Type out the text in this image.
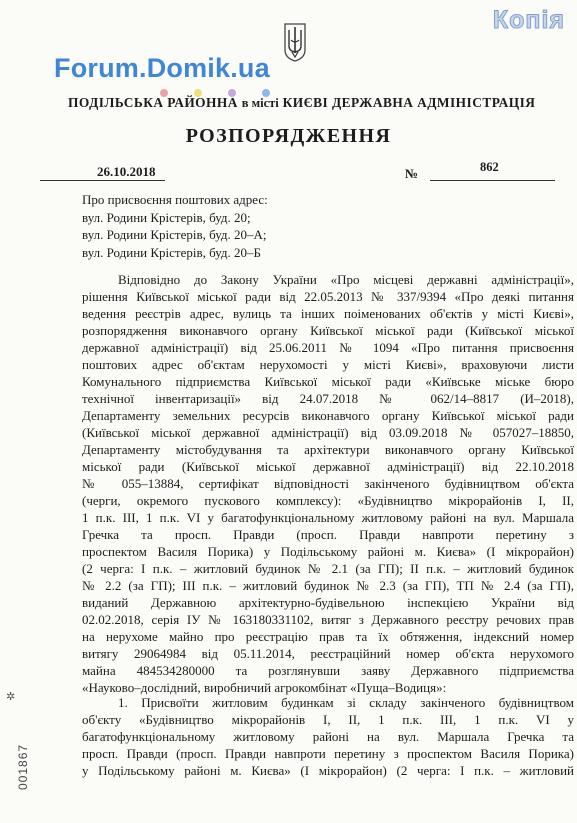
Копія
Forum.Domik.ua
ПОДІЛЬСЬКА РАЙОННА в місті КИЄВІ ДЕРЖАВНА АДМІНІСТРАЦІЯ
РОЗПОРЯДЖЕННЯ
26.10.2018	№	862
Про присвоєння поштових адрес:
вул. Родини Крістерів, буд. 20;
вул. Родини Крістерів, буд. 20–А;
вул. Родини Крістерів, буд. 20–Б
Відповідно до Закону України «Про місцеві державні адміністрації»,
рішення Київської міської ради від 22.05.2013 № 337/9394 «Про деякі питання
ведення реєстрів адрес, вулиць та інших поіменованих об'єктів у місті Києві»,
розпорядження виконавчого органу Київської міської ради (Київської міської
державної адміністрації) від 25.06.2011 № 1094 «Про питання присвоєння
поштових адрес об'єктам нерухомості у місті Києві», враховуючи листи
Комунального підприємства Київської міської ради «Київське міське бюро
технічної інвентаризації» від 24.07.2018 № 062/14–8817 (И–2018),
Департаменту земельних ресурсів виконавчого органу Київської міської ради
(Київської міської державної адміністрації) від 03.09.2018 № 057027–18850,
Департаменту містобудування та архітектури виконавчого органу Київської
міської ради (Київської міської державної адміністрації) від 22.10.2018
№ 055–13884, сертифікат відповідності закінченого будівництвом об'єкта
(черги, окремого пускового комплексу): «Будівництво мікрорайонів І, ІІ,
1 п.к. ІІІ, 1 п.к. VІ у багатофункціональному житловому районі на вул. Маршала
Гречка та просп. Правди (просп. Правди навпроти перетину з
проспектом Василя Порика) у Подільському районі м. Києва» (І мікрорайон)
(2 черга: І п.к. – житловий будинок № 2.1 (за ГП); ІІ п.к. – житловий будинок
№ 2.2 (за ГП); ІІІ п.к. – житловий будинок № 2.3 (за ГП), ТП № 2.4 (за ГП),
виданий Державною архітектурно-будівельною інспекцією України від
02.02.2018, серія ІУ № 163180331102, витяг з Державного реєстру речових прав
на нерухоме майно про реєстрацію прав та їх обтяження, індексний номер
витягу 29064984 від 05.11.2014, реєстраційний номер об'єкта нерухомого
майна 484534280000 та розглянувши заяву Державного підприємства
«Науково–дослідний, виробничий агрокомбінат «Пуща–Водиця»:
1. Присвоїти житловим будинкам зі складу закінченого будівництвом
об'єкту «Будівництво мікрорайонів І, ІІ, 1 п.к. ІІІ, 1 п.к. VІ у
багатофункціональному житловому районі на вул. Маршала Гречка та
просп. Правди (просп. Правди навпроти перетину з проспектом Василя Порика)
у Подільському районі м. Києва» (І мікрорайон) (2 черга: І п.к. – житловий
✲
001867
